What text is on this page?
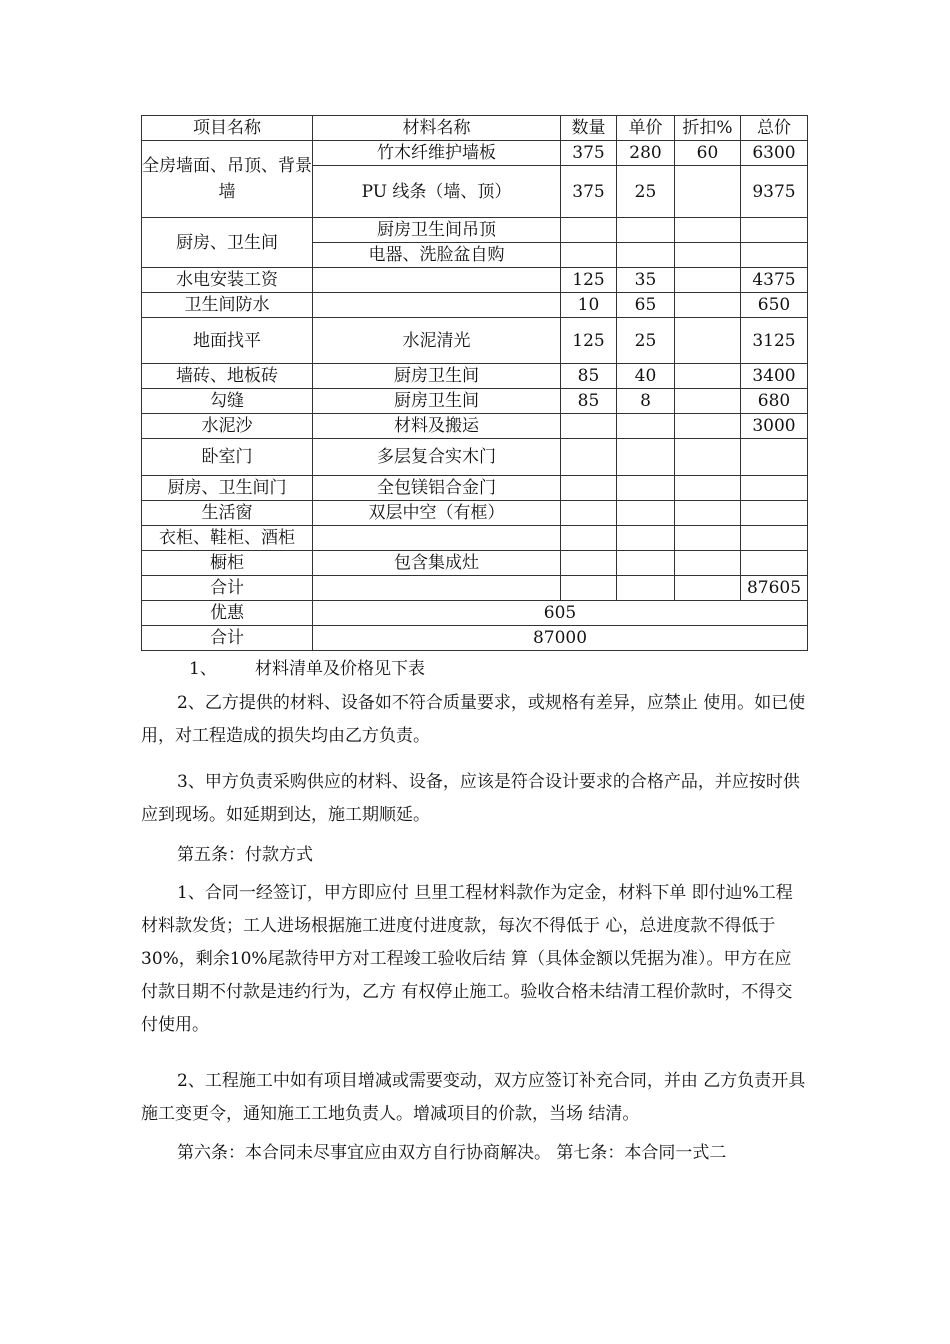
项目名称	材料名称	数量	单价	折扣%	总价
全房墙面、吊顶、背景墙	竹木纤维护墙板	375	280	60	6300
	PU 线条（墙、顶）	375	25		9375
厨房、卫生间	厨房卫生间吊顶				
	电器、洗脸盆自购				
水电安装工资		125	35		4375
卫生间防水		10	65		650
地面找平	水泥清光	125	25		3125
墙砖、地板砖	厨房卫生间	85	40		3400
勾缝	厨房卫生间	85	8		680
水泥沙	材料及搬运				3000
卧室门	多层复合实木门				
厨房、卫生间门	全包镁铝合金门				
生活窗	双层中空（有框）				
衣柜、鞋柜、酒柜					
橱柜	包含集成灶				
合计					87605
优惠	605				
合计	87000				
1、 材料清单及价格见下表

2、乙方提供的材料、设备如不符合质量要求，或规格有差异，应禁止 使用。如已使用，对工程造成的损失均由乙方负责。

3、甲方负责采购供应的材料、设备，应该是符合设计要求的合格产品，并应按时供应到现场。如延期到达，施工期顺延。

第五条：付款方式

1、合同一经签订，甲方即应付 旦里工程材料款作为定金，材料下单 即付辿%工程材料款发货；工人进场根据施工进度付进度款，每次不得低于 心，总进度款不得低于30%，剩余10%尾款待甲方对工程竣工验收后结 算（具体金额以凭据为准）。甲方在应付款日期不付款是违约行为，乙方 有权停止施工。验收合格未结清工程价款时，不得交付使用。

2、工程施工中如有项目增减或需要变动，双方应签订补充合同，并由 乙方负责开具施工变更令，通知施工工地负责人。增减项目的价款，当场 结清。

第六条：本合同未尽事宜应由双方自行协商解决。 第七条：本合同一式二
